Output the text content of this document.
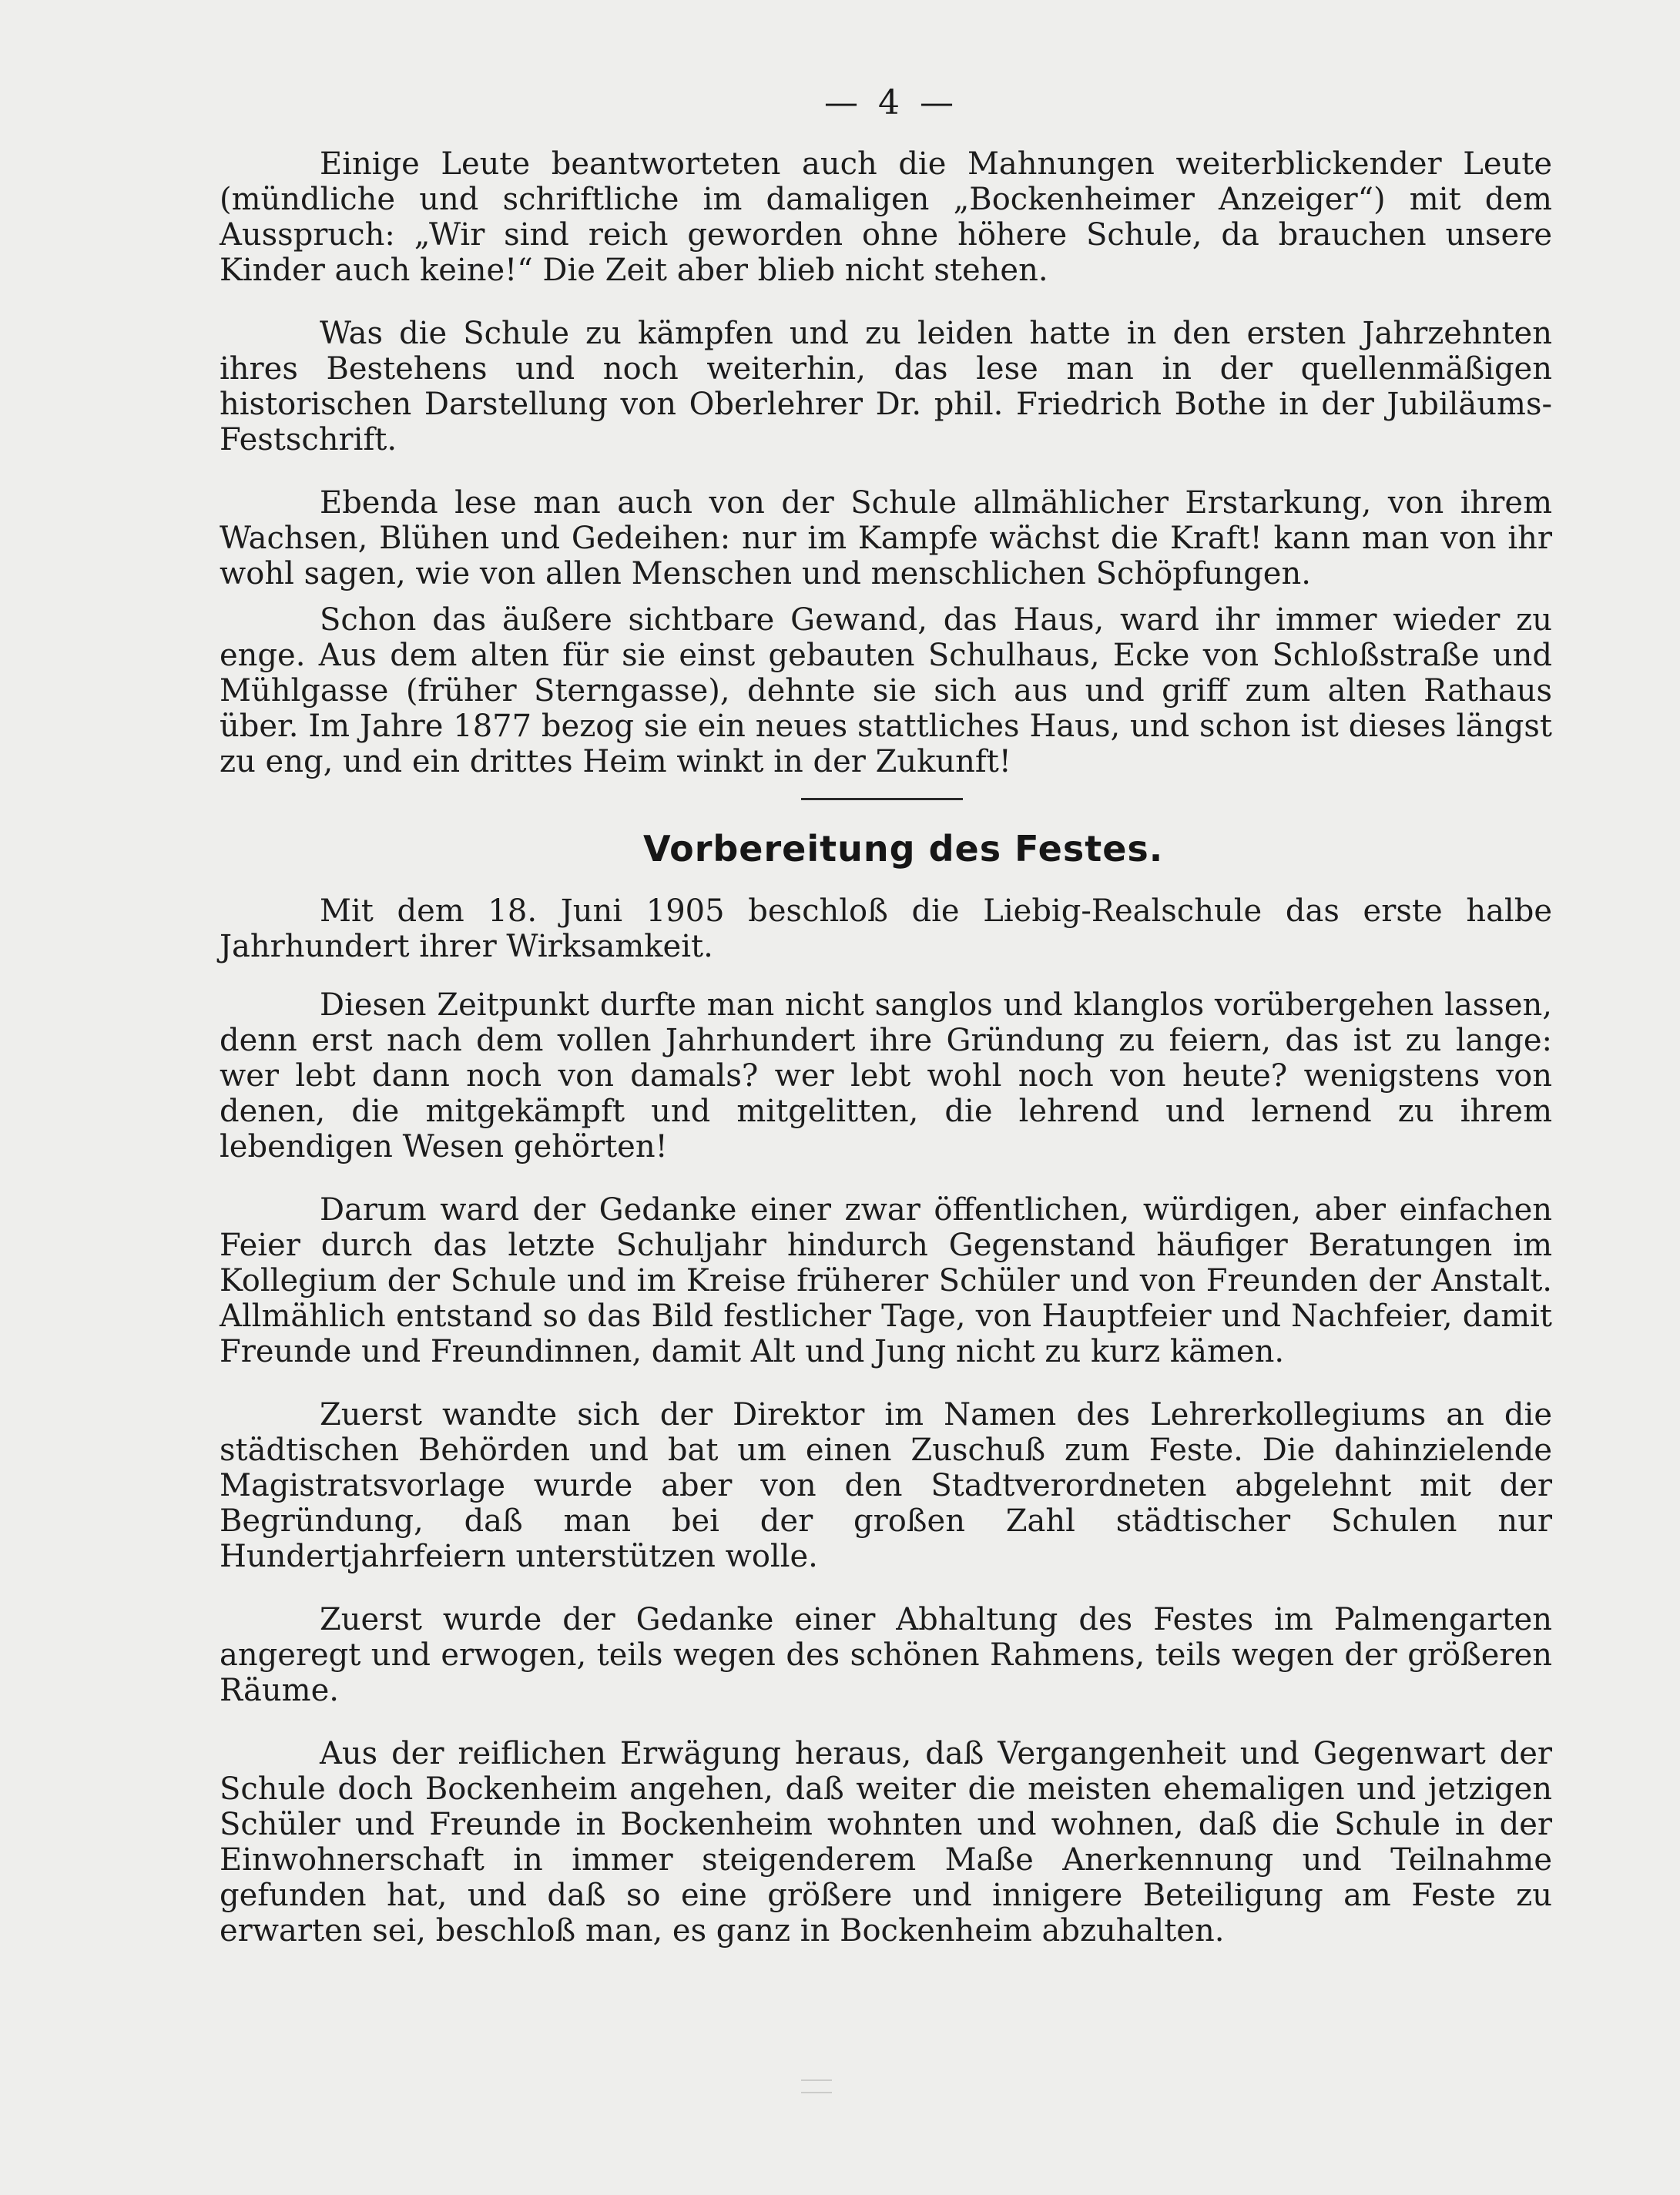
— 4 —

Einige Leute beantworteten auch die Mahnungen weiterblickender Leute (mündliche und schriftliche im damaligen „Bockenheimer Anzeiger“) mit dem Ausspruch: „Wir sind reich geworden ohne höhere Schule, da brauchen unsere Kinder auch keine!“ Die Zeit aber blieb nicht stehen.

Was die Schule zu kämpfen und zu leiden hatte in den ersten Jahrzehnten ihres Bestehens und noch weiterhin, das lese man in der quellenmäßigen historischen Darstellung von Oberlehrer Dr. phil. Friedrich Bothe in der Jubiläums-Festschrift.

Ebenda lese man auch von der Schule allmählicher Erstarkung, von ihrem Wachsen, Blühen und Gedeihen: nur im Kampfe wächst die Kraft! kann man von ihr wohl sagen, wie von allen Menschen und menschlichen Schöpfungen.

Schon das äußere sichtbare Gewand, das Haus, ward ihr immer wieder zu enge. Aus dem alten für sie einst gebauten Schulhaus, Ecke von Schloßstraße und Mühlgasse (früher Sterngasse), dehnte sie sich aus und griff zum alten Rathaus über. Im Jahre 1877 bezog sie ein neues stattliches Haus, und schon ist dieses längst zu eng, und ein drittes Heim winkt in der Zukunft!

Vorbereitung des Festes.

Mit dem 18. Juni 1905 beschloß die Liebig-Realschule das erste halbe Jahrhundert ihrer Wirksamkeit.

Diesen Zeitpunkt durfte man nicht sanglos und klanglos vorübergehen lassen, denn erst nach dem vollen Jahrhundert ihre Gründung zu feiern, das ist zu lange: wer lebt dann noch von damals? wer lebt wohl noch von heute? wenigstens von denen, die mitgekämpft und mitgelitten, die lehrend und lernend zu ihrem lebendigen Wesen gehörten!

Darum ward der Gedanke einer zwar öffentlichen, würdigen, aber einfachen Feier durch das letzte Schuljahr hindurch Gegenstand häufiger Beratungen im Kollegium der Schule und im Kreise früherer Schüler und von Freunden der Anstalt. Allmählich entstand so das Bild festlicher Tage, von Hauptfeier und Nachfeier, damit Freunde und Freundinnen, damit Alt und Jung nicht zu kurz kämen.

Zuerst wandte sich der Direktor im Namen des Lehrerkollegiums an die städtischen Behörden und bat um einen Zuschuß zum Feste. Die dahinzielende Magistratsvorlage wurde aber von den Stadtverordneten abgelehnt mit der Begründung, daß man bei der großen Zahl städtischer Schulen nur Hundertjahrfeiern unterstützen wolle.

Zuerst wurde der Gedanke einer Abhaltung des Festes im Palmengarten angeregt und erwogen, teils wegen des schönen Rahmens, teils wegen der größeren Räume.

Aus der reiflichen Erwägung heraus, daß Vergangenheit und Gegenwart der Schule doch Bockenheim angehen, daß weiter die meisten ehemaligen und jetzigen Schüler und Freunde in Bockenheim wohnten und wohnen, daß die Schule in der Einwohnerschaft in immer steigenderem Maße Anerkennung und Teilnahme gefunden hat, und daß so eine größere und innigere Beteiligung am Feste zu erwarten sei, beschloß man, es ganz in Bockenheim abzuhalten.
